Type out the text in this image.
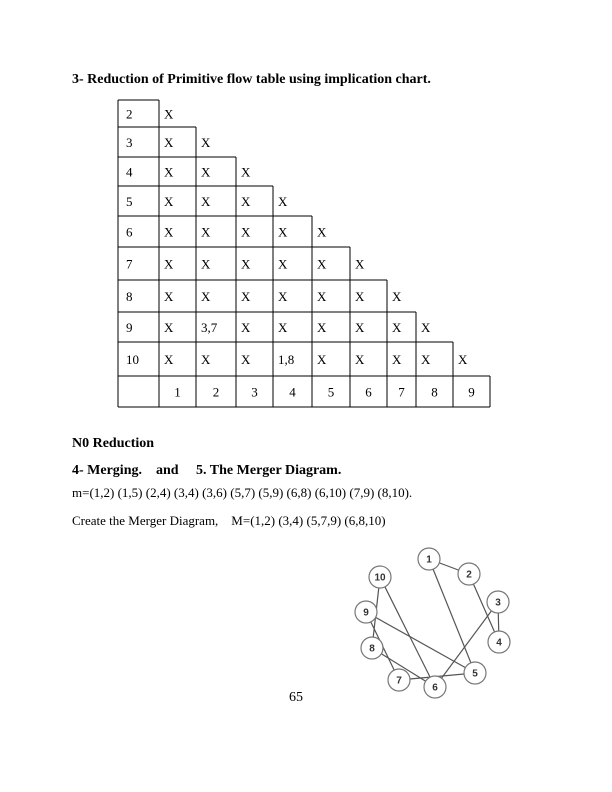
3- Reduction of Primitive flow table using implication chart.
2 X
3 X X
4 X X X
5 X X X X
6 X X X X X
7 X X X X X X
8 X X X X X X X
9 X 3,7 X X X X X X
10 X X X 1,8 X X X X X
1 2 3 4 5 6 7 8 9
1
2
3
4
5
6
7
8
9
10
N0 Reduction
4- Merging.    and     5. The Merger Diagram.
m=(1,2) (1,5) (2,4) (3,4) (3,6) (5,7) (5,9) (6,8) (6,10) (7,9) (8,10).
Create the Merger Diagram,    M=(1,2) (3,4) (5,7,9) (6,8,10)
65
